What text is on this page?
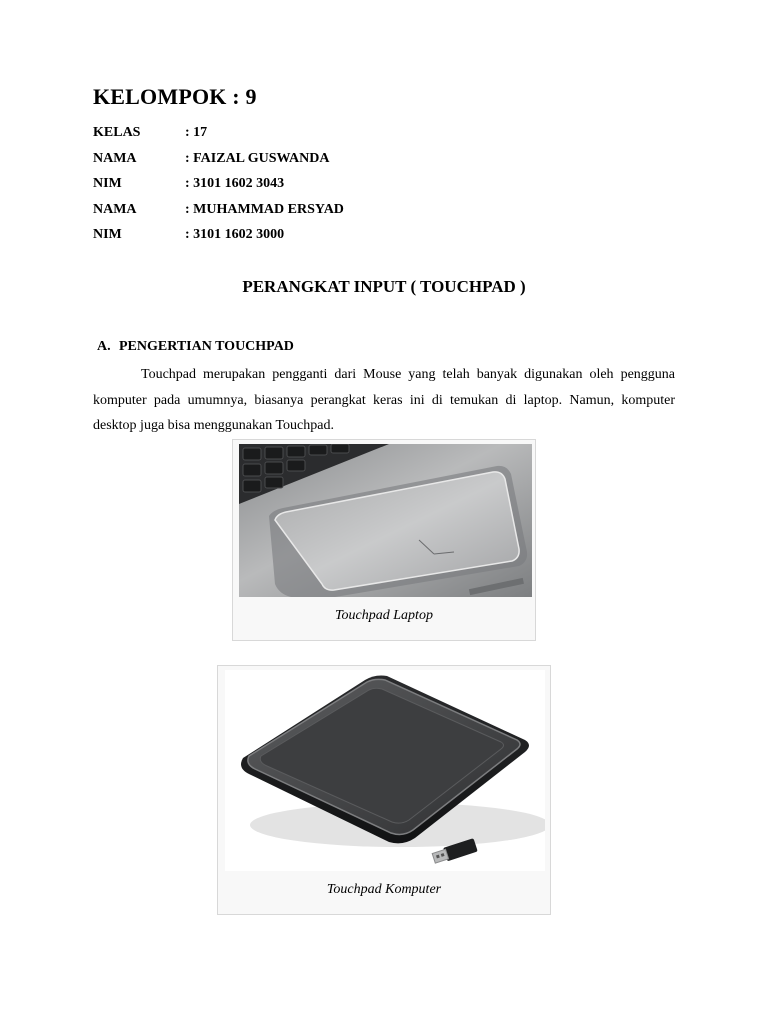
KELOMPOK : 9
KELAS	: 17
NAMA	: FAIZAL GUSWANDA
NIM	: 3101 1602 3043
NAMA	: MUHAMMAD ERSYAD
NIM	: 3101 1602 3000
PERANGKAT INPUT ( TOUCHPAD )
A. PENGERTIAN TOUCHPAD
Touchpad merupakan pengganti dari Mouse yang telah banyak digunakan oleh pengguna komputer pada umumnya, biasanya perangkat keras ini di temukan di laptop. Namun, komputer desktop juga bisa menggunakan Touchpad.
Touchpad Laptop
Touchpad Komputer
